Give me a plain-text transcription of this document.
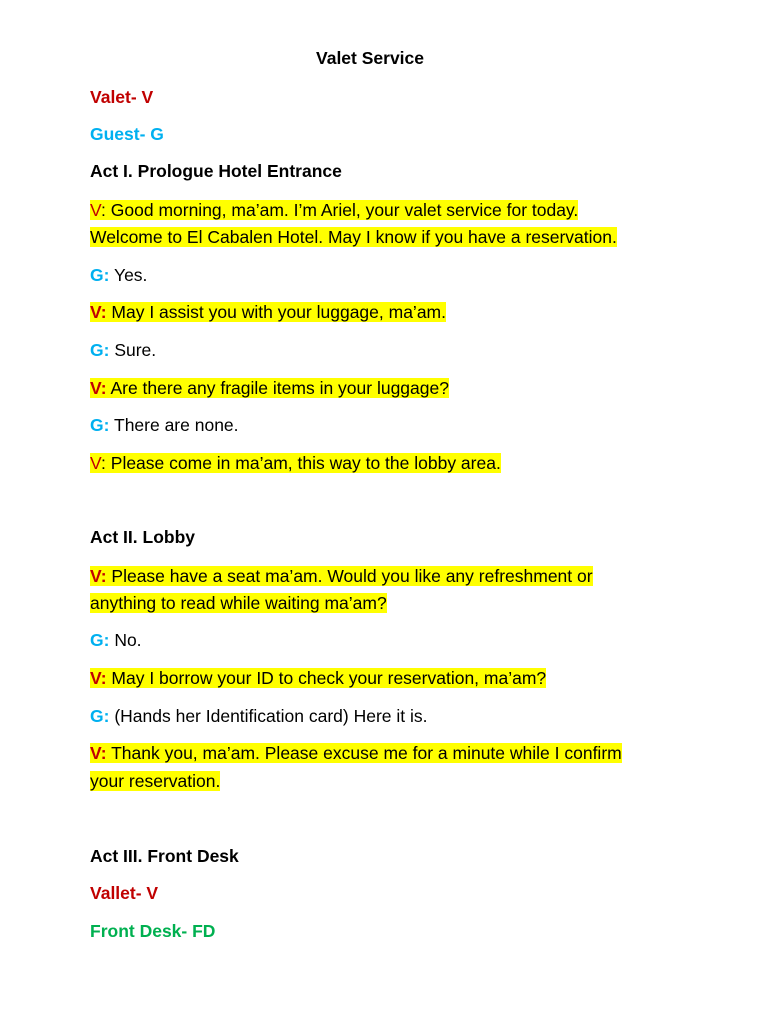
Valet Service
Valet- V
Guest- G
Act I. Prologue Hotel Entrance
V: Good morning, ma’am. I’m Ariel, your valet service for today.
Welcome to El Cabalen Hotel. May I know if you have a reservation.
G: Yes.
V: May I assist you with your luggage, ma’am.
G: Sure.
V: Are there any fragile items in your luggage?
G: There are none.
V: Please come in ma’am, this way to the lobby area.
Act II. Lobby
V: Please have a seat ma’am. Would you like any refreshment or
anything to read while waiting ma’am?
G: No.
V: May I borrow your ID to check your reservation, ma’am?
G: (Hands her Identification card) Here it is.
V: Thank you, ma’am. Please excuse me for a minute while I confirm
your reservation.
Act III. Front Desk
Vallet- V
Front Desk- FD
